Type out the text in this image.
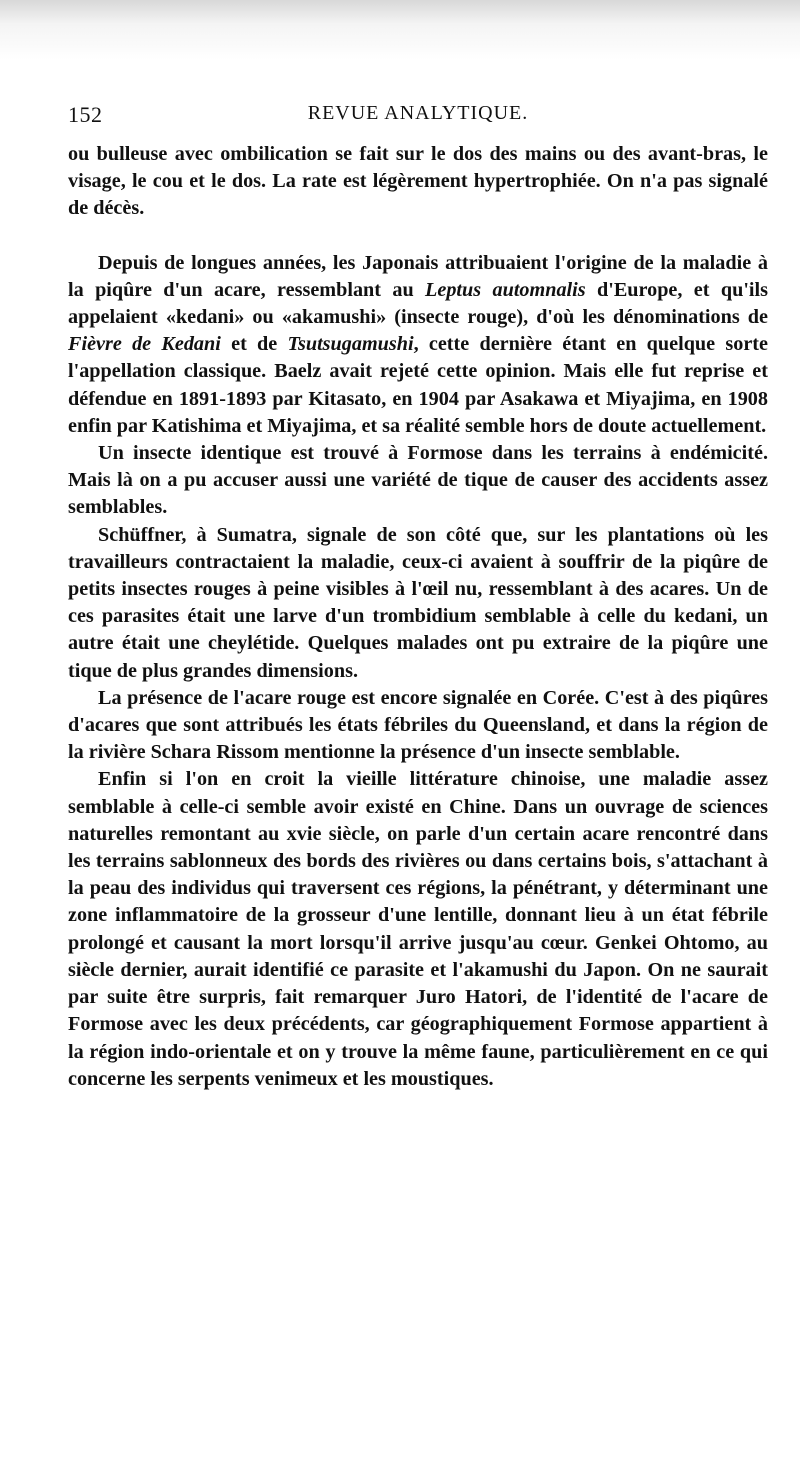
152	REVUE ANALYTIQUE.

ou bulleuse avec ombilication se fait sur le dos des mains ou des avant-bras, le visage, le cou et le dos. La rate est légèrement hypertrophiée. On n'a pas signalé de décès.

Depuis de longues années, les Japonais attribuaient l'origine de la maladie à la piqûre d'un acare, ressemblant au Leptus automnalis d'Europe, et qu'ils appelaient «kedani» ou «akamushi» (insecte rouge), d'où les dénominations de Fièvre de Kedani et de Tsutsugamushi, cette dernière étant en quelque sorte l'appellation classique. Baelz avait rejeté cette opinion. Mais elle fut reprise et défendue en 1891-1893 par Kitasato, en 1904 par Asakawa et Miyajima, en 1908 enfin par Katishima et Miyajima, et sa réalité semble hors de doute actuellement.

Un insecte identique est trouvé à Formose dans les terrains à endémicité. Mais là on a pu accuser aussi une variété de tique de causer des accidents assez semblables.

Schüffner, à Sumatra, signale de son côté que, sur les plantations où les travailleurs contractaient la maladie, ceux-ci avaient à souffrir de la piqûre de petits insectes rouges à peine visibles à l'œil nu, ressemblant à des acares. Un de ces parasites était une larve d'un trombidium semblable à celle du kedani, un autre était une cheylétide. Quelques malades ont pu extraire de la piqûre une tique de plus grandes dimensions.

La présence de l'acare rouge est encore signalée en Corée. C'est à des piqûres d'acares que sont attribués les états fébriles du Queensland, et dans la région de la rivière Schara Rissom mentionne la présence d'un insecte semblable.

Enfin si l'on en croit la vieille littérature chinoise, une maladie assez semblable à celle-ci semble avoir existé en Chine. Dans un ouvrage de sciences naturelles remontant au xvie siècle, on parle d'un certain acare rencontré dans les terrains sablonneux des bords des rivières ou dans certains bois, s'attachant à la peau des individus qui traversent ces régions, la pénétrant, y déterminant une zone inflammatoire de la grosseur d'une lentille, donnant lieu à un état fébrile prolongé et causant la mort lorsqu'il arrive jusqu'au cœur. Genkei Ohtomo, au siècle dernier, aurait identifié ce parasite et l'akamushi du Japon. On ne saurait par suite être surpris, fait remarquer Juro Hatori, de l'identité de l'acare de Formose avec les deux précédents, car géographiquement Formose appartient à la région indo-orientale et on y trouve la même faune, particulièrement en ce qui concerne les serpents venimeux et les moustiques.
